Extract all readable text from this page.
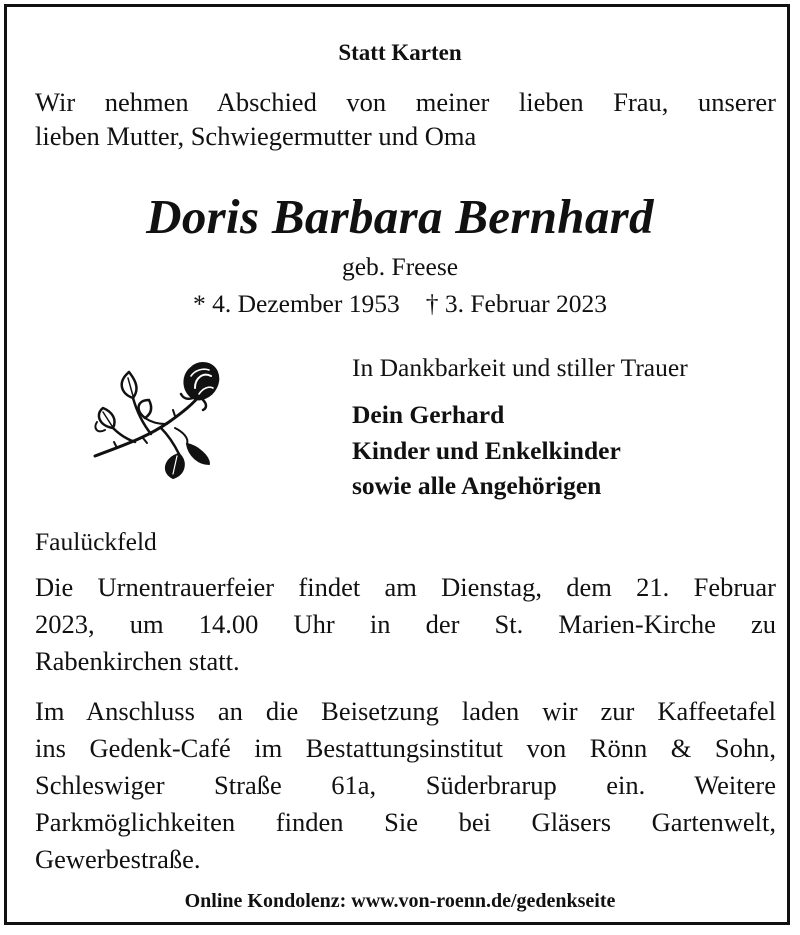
Statt Karten
Wir nehmen Abschied von meiner lieben Frau, unserer
lieben Mutter, Schwiegermutter und Oma
Doris Barbara Bernhard
geb. Freese
* 4. Dezember 1953 † 3. Februar 2023
In Dankbarkeit und stiller Trauer
Dein Gerhard
Kinder und Enkelkinder
sowie alle Angehörigen
Faulückfeld
Die Urnentrauerfeier findet am Dienstag, dem 21. Februar
2023, um 14.00 Uhr in der St. Marien-Kirche zu
Rabenkirchen statt.
Im Anschluss an die Beisetzung laden wir zur Kaffeetafel
ins Gedenk-Café im Bestattungsinstitut von Rönn & Sohn,
Schleswiger Straße 61a, Süderbrarup ein. Weitere
Parkmöglichkeiten finden Sie bei Gläsers Gartenwelt,
Gewerbestraße.
Online Kondolenz: www.von-roenn.de/gedenkseite
